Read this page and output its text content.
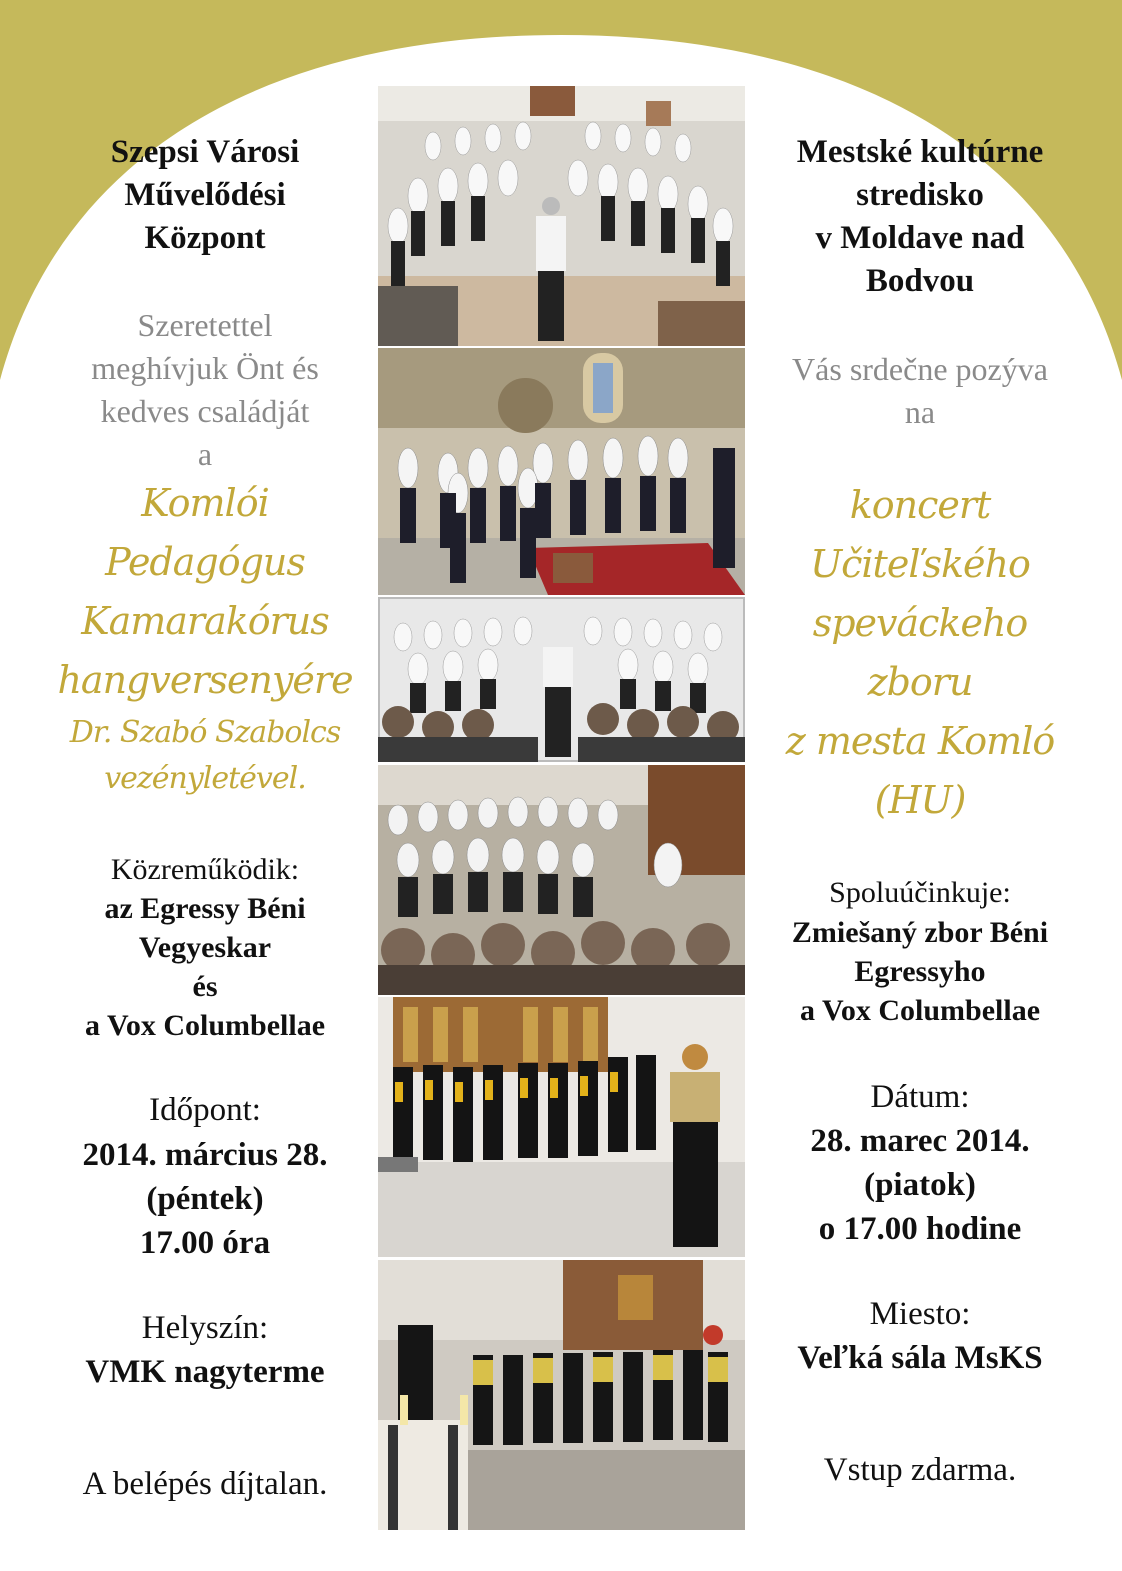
Szepsi Városi
Művelődési
Központ
Szeretettel
meghívjuk Önt és
kedves családját
a
Komlói
Pedagógus
Kamarakórus
hangversenyére
Dr. Szabó Szabolcs
vezényletével.
Közreműködik:
az Egressy Béni
Vegyeskar
és
a Vox Columbellae
Időpont:
2014. március 28.
(péntek)
17.00 óra
Helyszín:
VMK nagyterme
A belépés díjtalan.
Mestské kultúrne
stredisko
v Moldave nad
Bodvou
Vás srdečne pozýva
na
koncert
Učiteľského
speváckeho
zboru
z mesta Komló
(HU)
Spoluúčinkuje:
Zmiešaný zbor Béni
Egressyho
a Vox Columbellae
Dátum:
28. marec 2014.
(piatok)
o 17.00 hodine
Miesto:
Veľká sála MsKS
Vstup zdarma.
